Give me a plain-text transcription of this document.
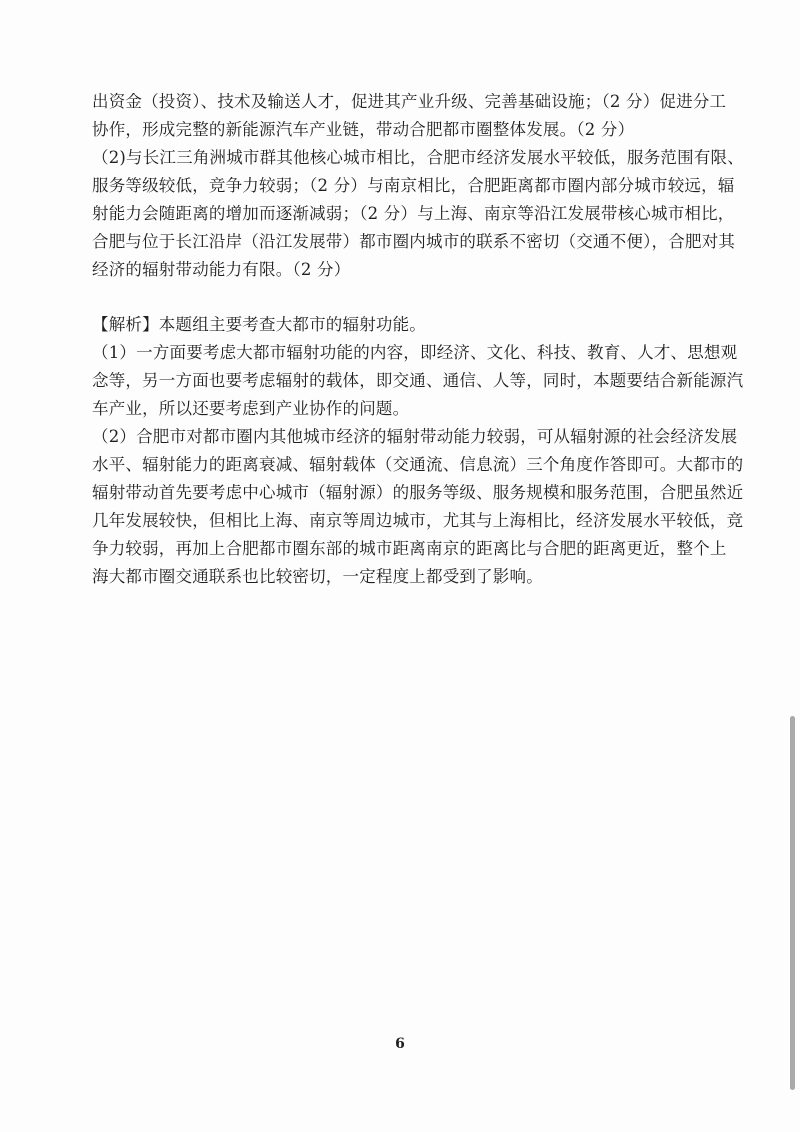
出资金（投资）、技术及输送人才，促进其产业升级、完善基础设施；（2 分）促进分工
协作，形成完整的新能源汽车产业链，带动合肥都市圈整体发展。（2 分）
（2)与长江三角洲城市群其他核心城市相比，合肥市经济发展水平较低，服务范围有限、
服务等级较低，竞争力较弱；（2 分）与南京相比，合肥距离都市圈内部分城市较远，辐
射能力会随距离的增加而逐渐减弱；（2 分）与上海、南京等沿江发展带核心城市相比，
合肥与位于长江沿岸（沿江发展带）都市圈内城市的联系不密切（交通不便），合肥对其
经济的辐射带动能力有限。（2 分）
【解析】本题组主要考查大都市的辐射功能。
（1）一方面要考虑大都市辐射功能的内容，即经济、文化、科技、教育、人才、思想观
念等，另一方面也要考虑辐射的载体，即交通、通信、人等，同时，本题要结合新能源汽
车产业，所以还要考虑到产业协作的问题。
（2）合肥市对都市圈内其他城市经济的辐射带动能力较弱，可从辐射源的社会经济发展
水平、辐射能力的距离衰减、辐射载体（交通流、信息流）三个角度作答即可。大都市的
辐射带动首先要考虑中心城市（辐射源）的服务等级、服务规模和服务范围，合肥虽然近
几年发展较快，但相比上海、南京等周边城市，尤其与上海相比，经济发展水平较低，竞
争力较弱，再加上合肥都市圈东部的城市距离南京的距离比与合肥的距离更近，整个上
海大都市圈交通联系也比较密切，一定程度上都受到了影响。
6
